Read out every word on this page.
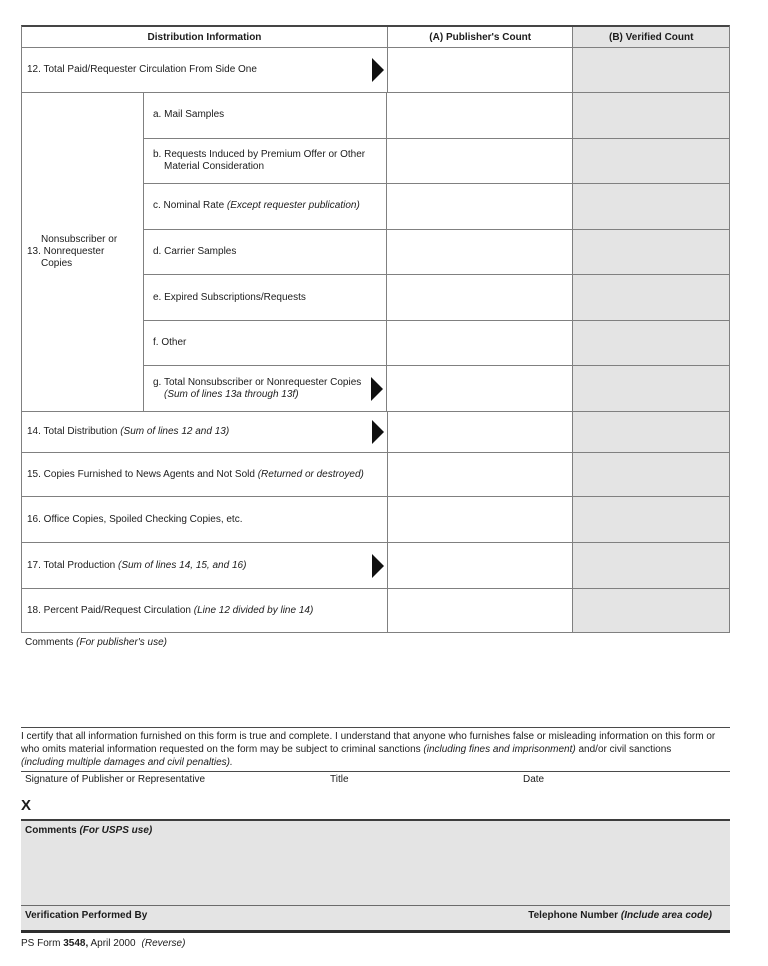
Distribution Information	(A) Publisher's Count	(B) Verified Count
12. Total Paid/Requester Circulation From Side One
Nonsubscriber or
13. Nonrequester
Copies
a. Mail Samples
b. Requests Induced by Premium Offer or Other Material Consideration
c. Nominal Rate (Except requester publication)
d. Carrier Samples
e. Expired Subscriptions/Requests
f. Other
g. Total Nonsubscriber or Nonrequester Copies
(Sum of lines 13a through 13f)
14. Total Distribution (Sum of lines 12 and 13)
15. Copies Furnished to News Agents and Not Sold (Returned or destroyed)
16. Office Copies, Spoiled Checking Copies, etc.
17. Total Production (Sum of lines 14, 15, and 16)
18. Percent Paid/Request Circulation (Line 12 divided by line 14)
Comments (For publisher's use)
I certify that all information furnished on this form is true and complete. I understand that anyone who furnishes false or misleading information on this form or
who omits material information requested on the form may be subject to criminal sanctions (including fines and imprisonment) and/or civil sanctions
(including multiple damages and civil penalties).
Signature of Publisher or Representative	Title	Date
X
Comments (For USPS use)
Verification Performed By	Telephone Number (Include area code)
PS Form 3548, April 2000 (Reverse)
